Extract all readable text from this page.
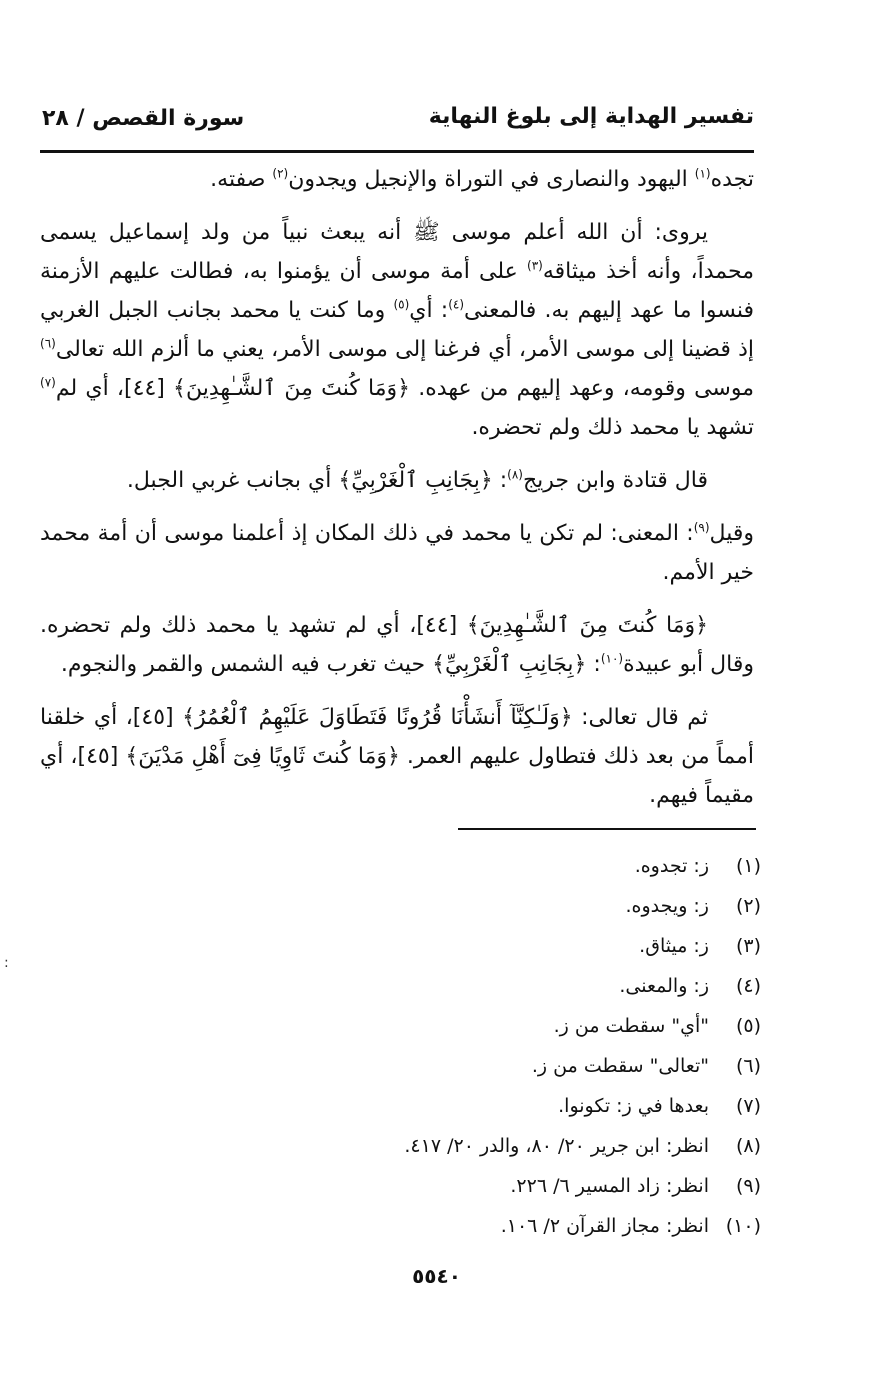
تفسير الهداية إلى بلوغ النهاية
سورة القصص / ٢٨

تجده$^{(١)}$ اليهود والنصارى في التوراة والإنجيل ويجدون$^{(٢)}$ صفته.

يروى: أن الله أعلم موسى ﷺ أنه يبعث نبياً من ولد إسماعيل يسمى محمداً، وأنه أخذ ميثاقه$^{(٣)}$ على أمة موسى أن يؤمنوا به، فطالت عليهم الأزمنة فنسوا ما عهد إليهم به. فالمعنى$^{(٤)}$: أي$^{(٥)}$ وما كنت يا محمد بجانب الجبل الغربي إذ قضينا إلى موسى الأمر، أي فرغنا إلى موسى الأمر، يعني ما ألزم الله تعالى$^{(٦)}$ موسى وقومه، وعهد إليهم من عهده. ﴿وَمَا كُنتَ مِنَ ٱلشَّـٰهِدِينَ﴾ [٤٤]، أي لم$^{(٧)}$ تشهد يا محمد ذلك ولم تحضره.

قال قتادة وابن جريج$^{(٨)}$: ﴿بِجَانِبِ ٱلْغَرْبِيِّ﴾ أي بجانب غربي الجبل.

وقيل$^{(٩)}$: المعنى: لم تكن يا محمد في ذلك المكان إذ أعلمنا موسى أن أمة محمد خير الأمم.

﴿وَمَا كُنتَ مِنَ ٱلشَّـٰهِدِينَ﴾ [٤٤]، أي لم تشهد يا محمد ذلك ولم تحضره. وقال أبو عبيدة$^{(١٠)}$: ﴿بِجَانِبِ ٱلْغَرْبِيِّ﴾ حيث تغرب فيه الشمس والقمر والنجوم.

ثم قال تعالى: ﴿وَلَـٰكِنَّآ أَنشَأْنَا قُرُونًا فَتَطَاوَلَ عَلَيْهِمُ ٱلْعُمُرُ﴾ [٤٥]، أي خلقنا أمماً من بعد ذلك فتطاول عليهم العمر. ﴿وَمَا كُنتَ ثَاوِيًا فِىٓ أَهْلِ مَدْيَنَ﴾ [٤٥]، أي مقيماً فيهم.

(١)
ز: تجدوه.
(٢)
ز: ويجدوه.
(٣)
ز: ميثاق.
(٤)
ز: والمعنى.
(٥)
"أي" سقطت من ز.
(٦)
"تعالى" سقطت من ز.
(٧)
بعدها في ز: تكونوا.
(٨)
انظر: ابن جرير ٢٠/ ٨٠، والدر ٢٠/ ٤١٧.
(٩)
انظر: زاد المسير ٦/ ٢٢٦.
(١٠)
انظر: مجاز القرآن ٢/ ١٠٦.
٥٥٤٠
:
